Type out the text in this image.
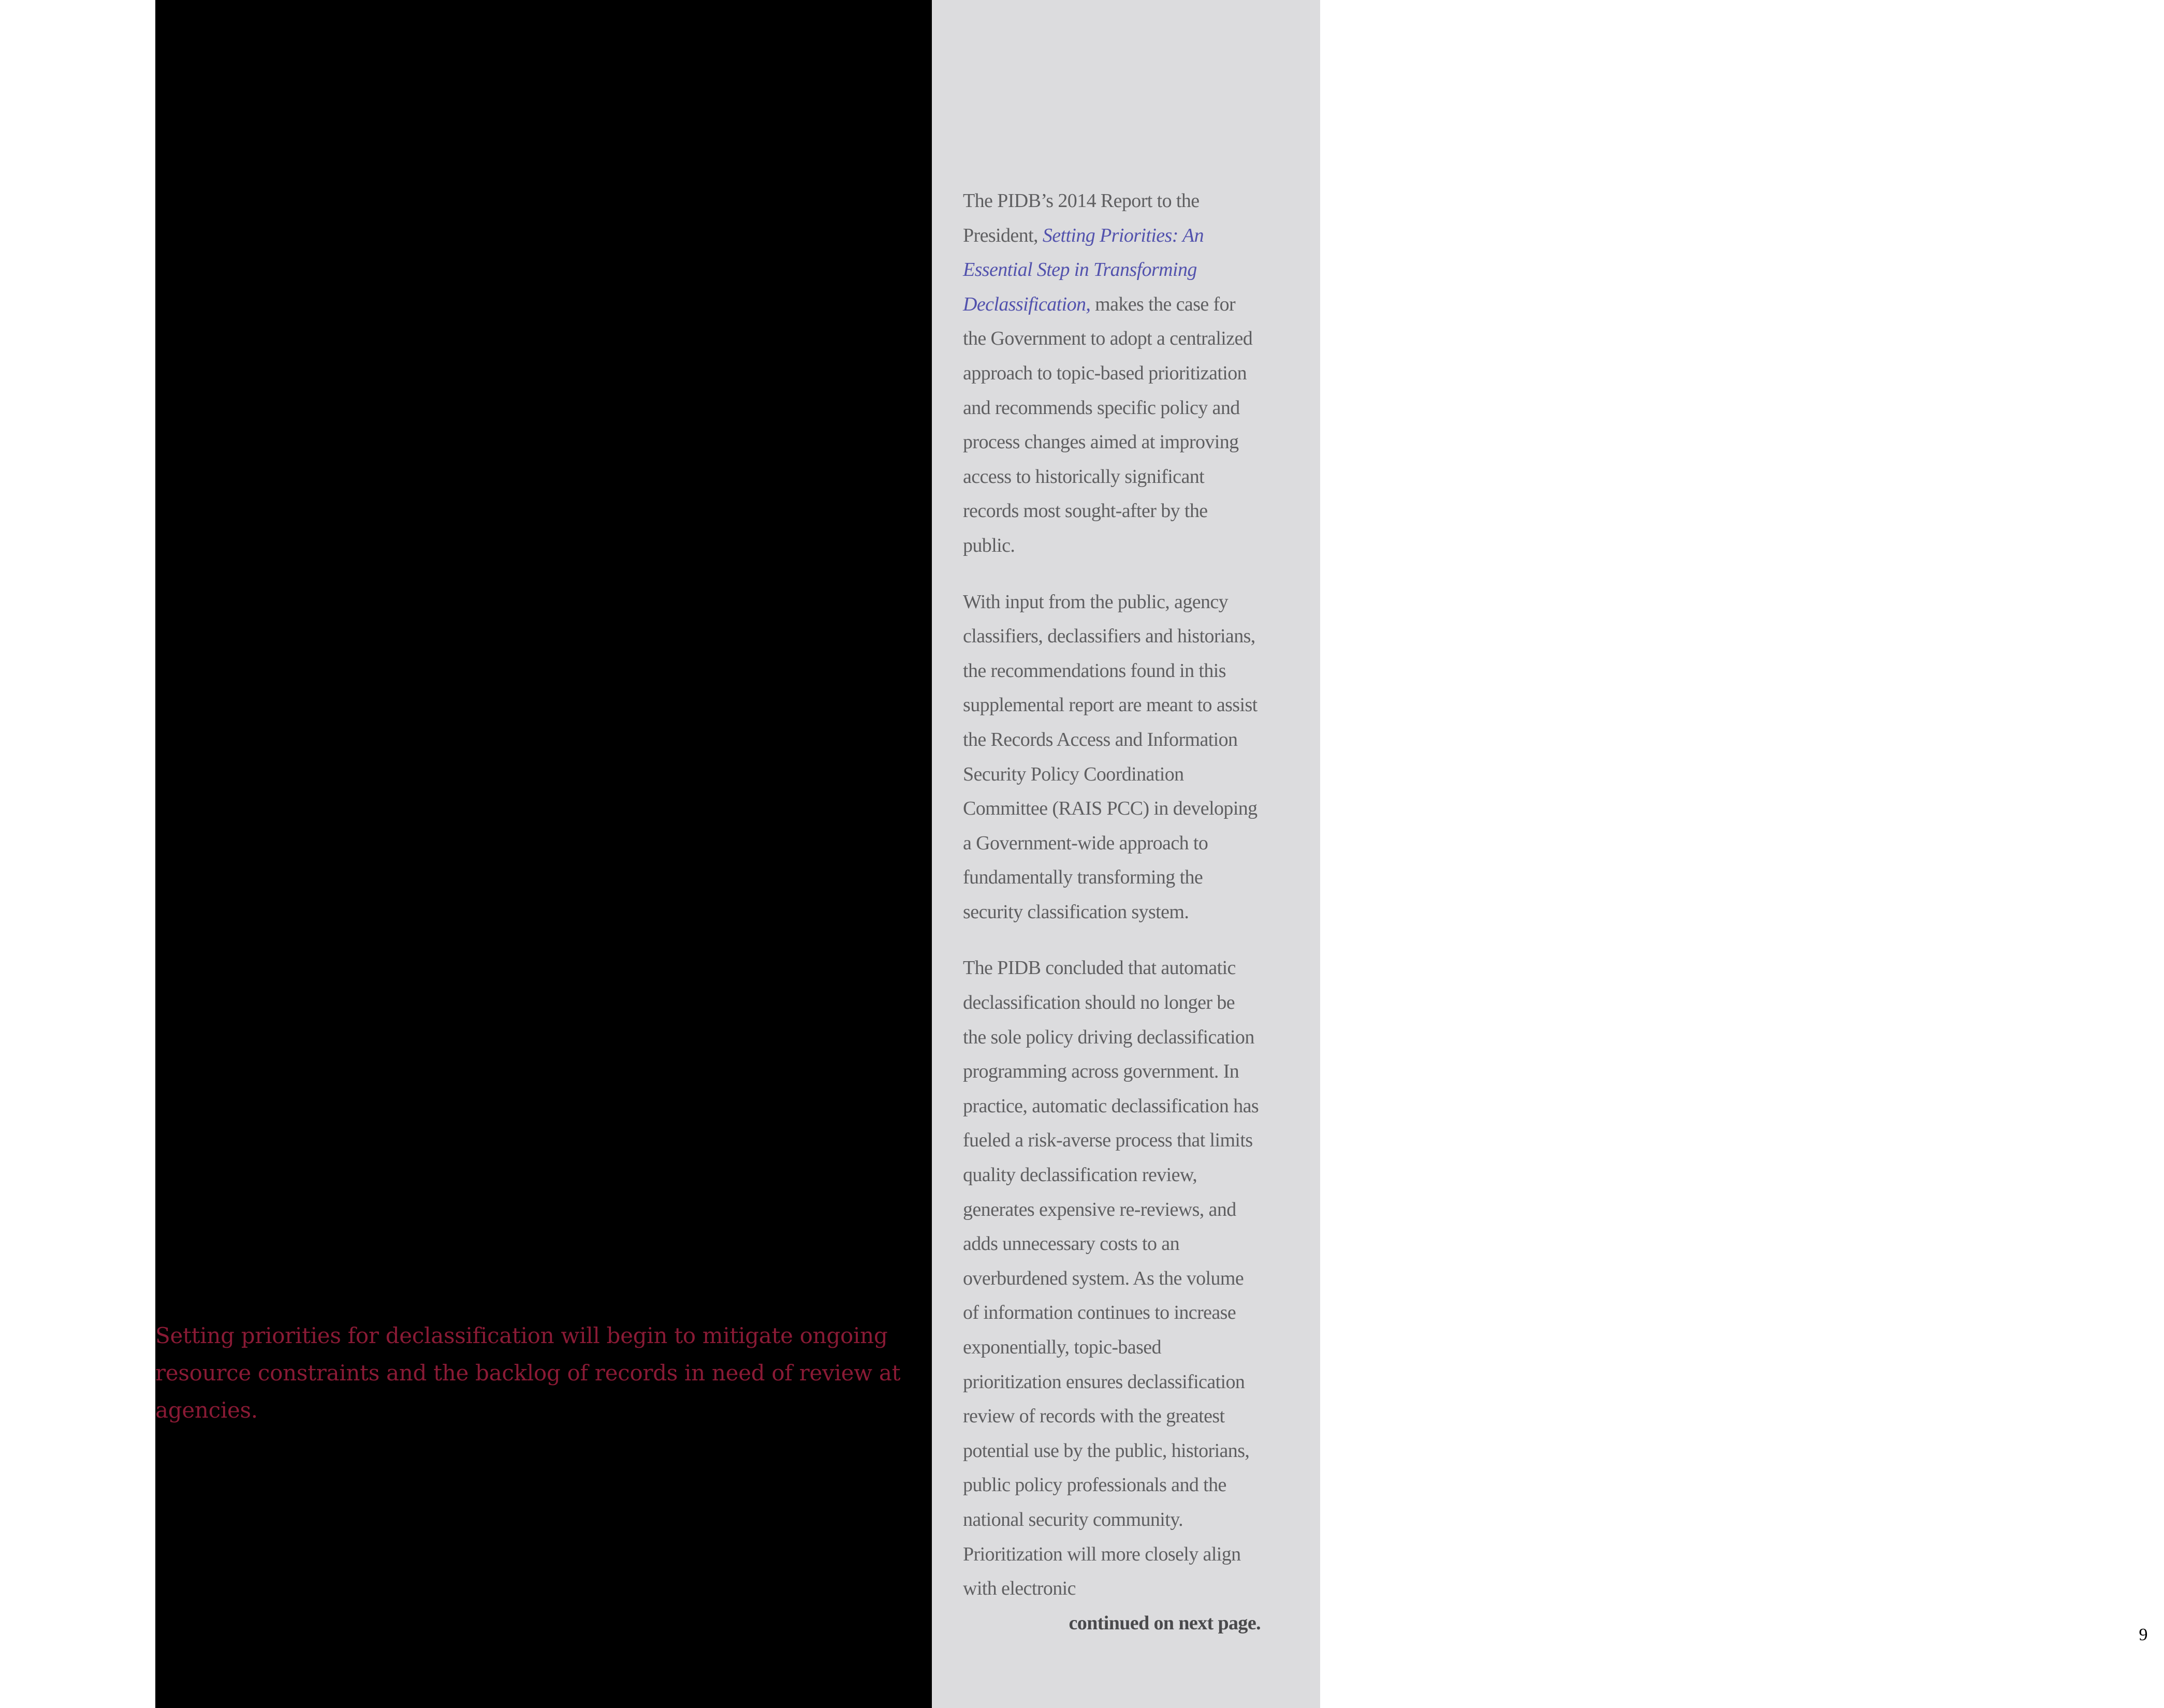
Setting priorities for declassification will begin to mitigate ongoing resource constraints and the backlog of records in need of review at agencies.

The PIDB’s 2014 Report to the President, Setting Priorities: An Essential Step in Transforming Declassification, makes the case for the Government to adopt a centralized approach to topic-based prioritization and recommends specific policy and process changes aimed at improving access to historically significant records most sought-after by the public.

With input from the public, agency classifiers, declassifiers and historians, the recommendations found in this supplemental report are meant to assist the Records Access and Information Security Policy Coordination Committee (RAIS PCC) in developing a Government-wide approach to fundamentally transforming the security classification system.

The PIDB concluded that automatic declassification should no longer be the sole policy driving declassification programming across government. In practice, automatic declassification has fueled a risk-averse process that limits quality declassification review, generates expensive re-reviews, and adds unnecessary costs to an overburdened system. As the volume of information continues to increase exponentially, topic-based prioritization ensures declassification review of records with the greatest potential use by the public, historians, public policy professionals and the national security community. Prioritization will more closely align with electronic
continued on next page.

9
